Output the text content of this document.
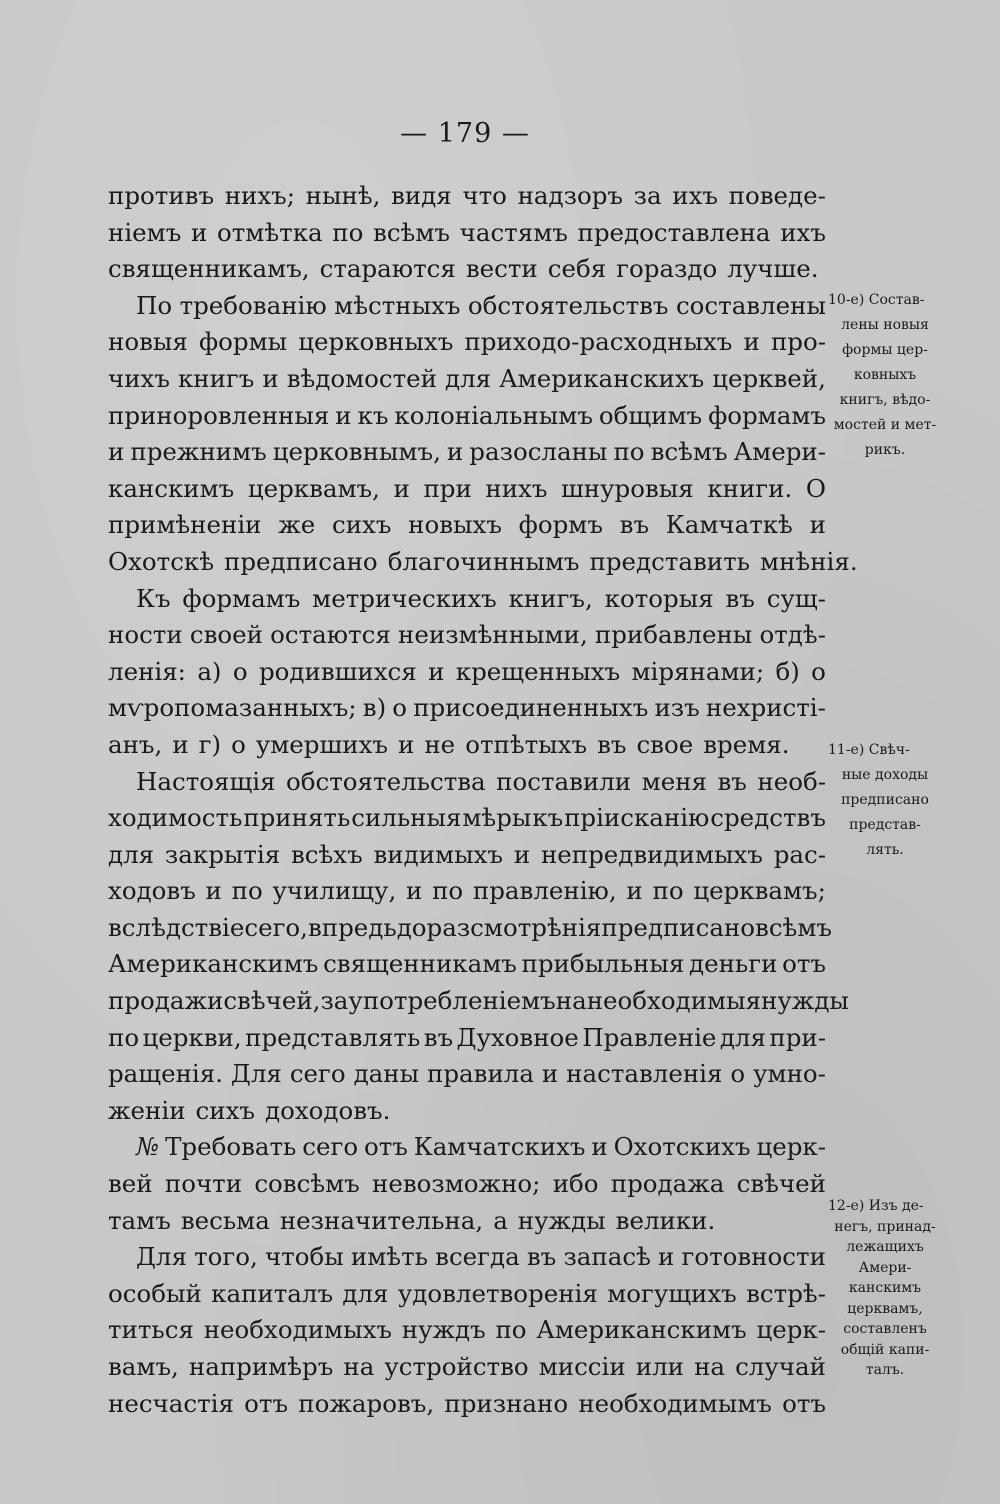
— 179 —
противъ нихъ; нынѣ, видя что надзоръ за ихъ поведе-
ніемъ и отмѣтка по всѣмъ частямъ предоставлена ихъ
священникамъ, стараются вести себя гораздо лучше.
По требованію мѣстныхъ обстоятельствъ составлены
новыя формы церковныхъ приходо-расходныхъ и про-
чихъ книгъ и вѣдомостей для Американскихъ церквей,
приноровленныя и къ колоніальнымъ общимъ формамъ
и прежнимъ церковнымъ, и разосланы по всѣмъ Амери-
канскимъ церквамъ, и при нихъ шнуровыя книги. О
примѣненіи же сихъ новыхъ формъ въ Камчаткѣ и
Охотскѣ предписано благочиннымъ представить мнѣнія.
Къ формамъ метрическихъ книгъ, которыя въ сущ-
ности своей остаются неизмѣнными, прибавлены отдѣ-
ленія: а) о родившихся и крещенныхъ мірянами; б) о
мѵропомазанныхъ; в) о присоединенныхъ изъ нехристі-
анъ, и г) о умершихъ и не отпѣтыхъ въ свое время.
Настоящія обстоятельства поставили меня въ необ-
ходимость принять сильныя мѣры къ пріисканію средствъ
для закрытія всѣхъ видимыхъ и непредвидимыхъ рас-
ходовъ и по училищу, и по правленію, и по церквамъ;
вслѣдствіе сего, впредь до разсмотрѣнія предписано всѣмъ
Американскимъ священникамъ прибыльныя деньги отъ
продажи свѣчей, за употребленіемъ на необходимыя нужды
по церкви, представлять въ Духовное Правленіе для при-
ращенія. Для сего даны правила и наставленія о умно-
женіи сихъ доходовъ.
№ Требовать сего отъ Камчатскихъ и Охотскихъ церк-
вей почти совсѣмъ невозможно; ибо продажа свѣчей
тамъ весьма незначительна, а нужды велики.
Для того, чтобы имѣть всегда въ запасѣ и готовности
особый капиталъ для удовлетворенія могущихъ встрѣ-
титься необходимыхъ нуждъ по Американскимъ церк-
вамъ, напримѣръ на устройство миссіи или на случай
несчастія отъ пожаровъ, признано необходимымъ отъ
10-е) Состав-
лены новыя
формы цер-
ковныхъ
книгъ, вѣдо-
мостей и мет-
рикъ.
11-е) Свѣч-
ные доходы
предписано
представ-
лять.
12-е) Изъ де-
негъ, принад-
лежащихъ
Амери-
канскимъ
церквамъ,
составленъ
общій капи-
талъ.
